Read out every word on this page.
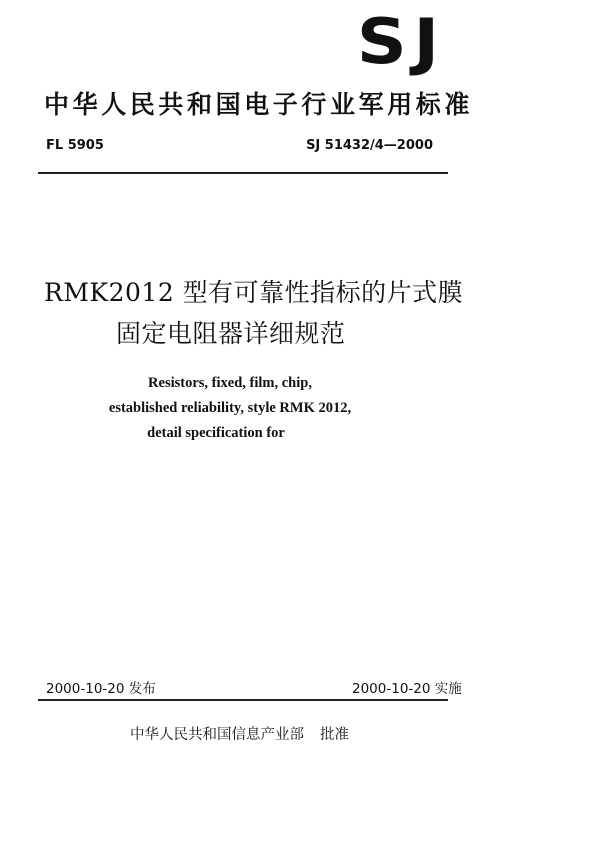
SJ
中华人民共和国电子行业军用标准
FL 5905	SJ 51432/4—2000
RMK2012 型有可靠性指标的片式膜
固定电阻器详细规范
Resistors, fixed, film, chip,
established reliability, style RMK 2012,
detail specification for
2000-10-20 发布	2000-10-20 实施
中华人民共和国信息产业部 批准
